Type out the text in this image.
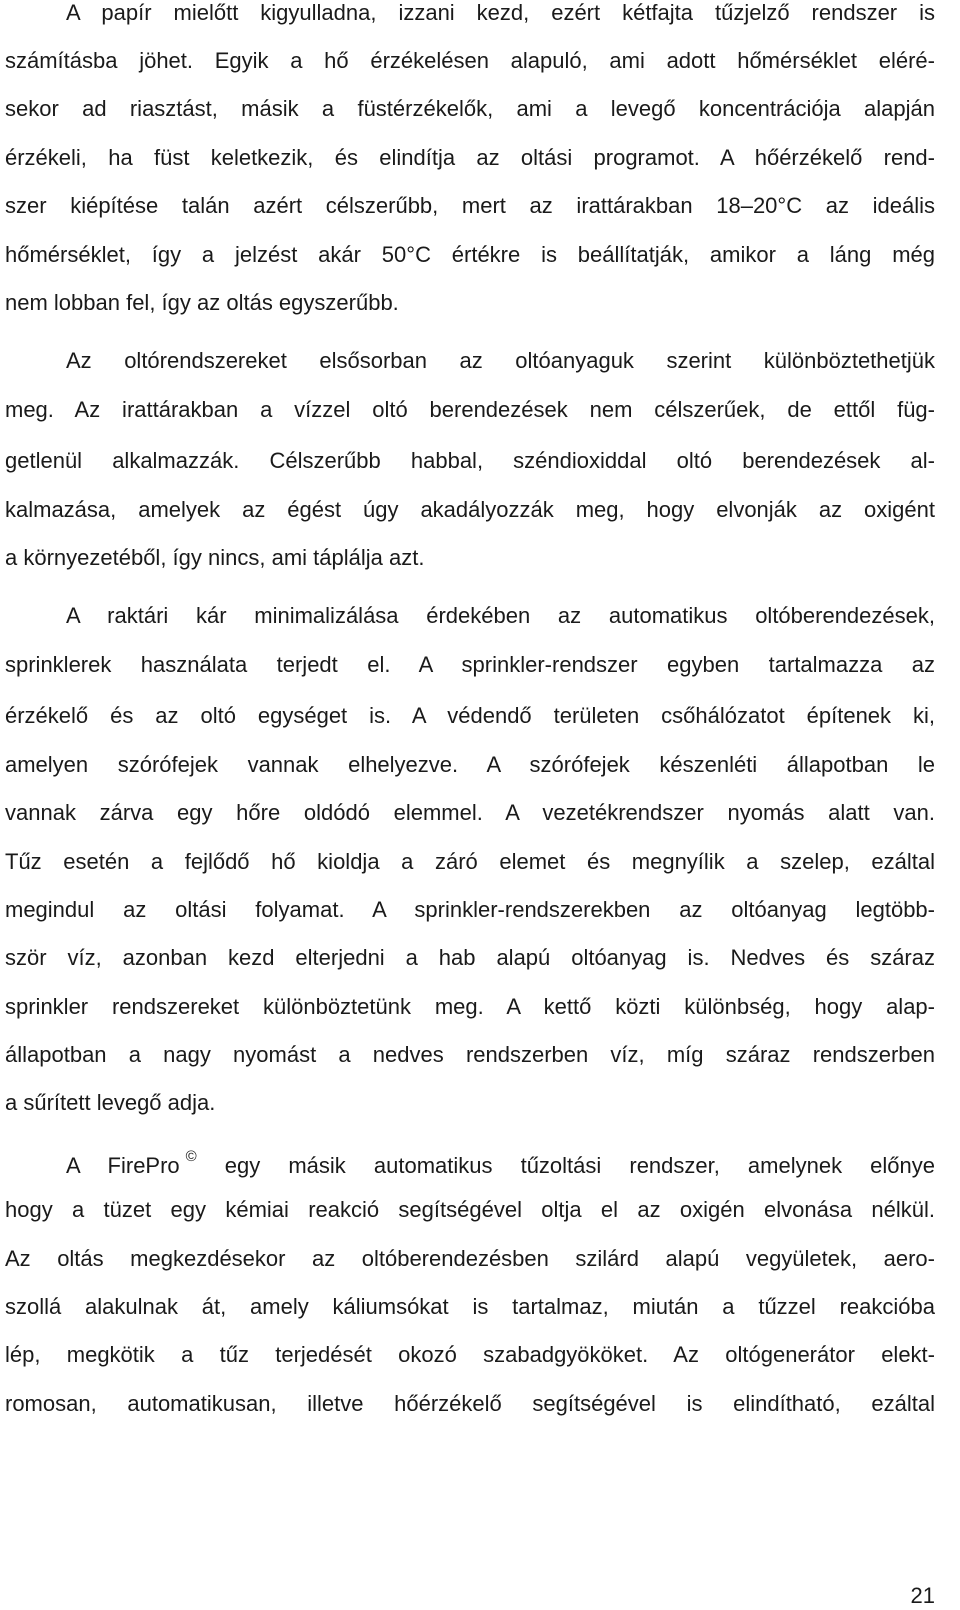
A papír mielőtt kigyulladna, izzani kezd, ezért kétfajta tűzjelző rendszer is
számításba jöhet. Egyik a hő érzékelésen alapuló, ami adott hőmérséklet eléré-
sekor ad riasztást, másik a füstérzékelők, ami a levegő koncentrációja alapján
érzékeli, ha füst keletkezik, és elindítja az oltási programot. A hőérzékelő rend-
szer kiépítése talán azért célszerűbb, mert az irattárakban 18–20°C az ideális
hőmérséklet, így a jelzést akár 50°C értékre is beállítatják, amikor a láng még
nem lobban fel, így az oltás egyszerűbb.
Az oltórendszereket elsősorban az oltóanyaguk szerint különböztethetjük
meg. Az irattárakban a vízzel oltó berendezések nem célszerűek, de ettől füg-
getlenül alkalmazzák. Célszerűbb habbal, széndioxiddal oltó berendezések al-
kalmazása, amelyek az égést úgy akadályozzák meg, hogy elvonják az oxigént
a környezetéből, így nincs, ami táplálja azt.
A raktári kár minimalizálása érdekében az automatikus oltóberendezések,
sprinklerek használata terjedt el. A sprinkler-rendszer egyben tartalmazza az
érzékelő és az oltó egységet is. A védendő területen csőhálózatot építenek ki,
amelyen szórófejek vannak elhelyezve. A szórófejek készenléti állapotban le
vannak zárva egy hőre oldódó elemmel. A vezetékrendszer nyomás alatt van.
Tűz esetén a fejlődő hő kioldja a záró elemet és megnyílik a szelep, ezáltal
megindul az oltási folyamat. A sprinkler-rendszerekben az oltóanyag legtöbb-
ször víz, azonban kezd elterjedni a hab alapú oltóanyag is. Nedves és száraz
sprinkler rendszereket különböztetünk meg. A kettő közti különbség, hogy alap-
állapotban a nagy nyomást a nedves rendszerben víz, míg száraz rendszerben
a sűrített levegő adja.
A FirePro © egy másik automatikus tűzoltási rendszer, amelynek előnye
hogy a tüzet egy kémiai reakció segítségével oltja el az oxigén elvonása nélkül.
Az oltás megkezdésekor az oltóberendezésben szilárd alapú vegyületek, aero-
szollá alakulnak át, amely káliumsókat is tartalmaz, miután a tűzzel reakcióba
lép, megkötik a tűz terjedését okozó szabadgyököket. Az oltógenerátor elekt-
romosan, automatikusan, illetve hőérzékelő segítségével is elindítható, ezáltal
21
